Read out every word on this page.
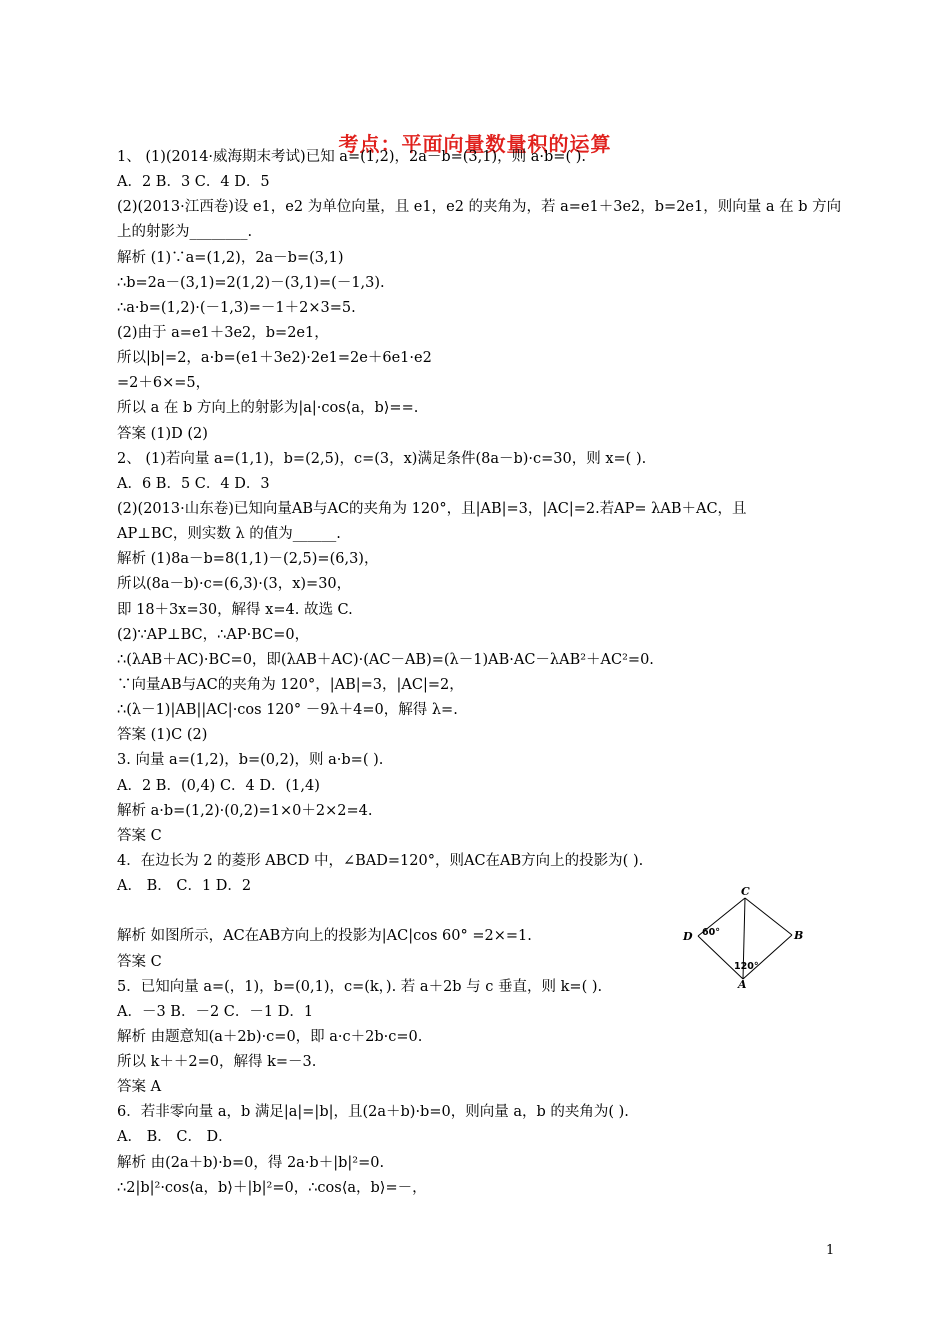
考点：平面向量数量积的运算
1、 (1)(2014·威海期末考试)已知 a=(1,2)，2a－b=(3,1)，则 a·b=( ).
A．2 B．3 C．4 D．5
(2)(2013·江西卷)设 e1，e2 为单位向量，且 e1，e2 的夹角为，若 a=e1＋3e2，b=2e1，则向量 a 在 b 方向
上的射影为________.
解析 (1)∵a=(1,2)，2a－b=(3,1)
∴b=2a－(3,1)=2(1,2)－(3,1)=(－1,3).
∴a·b=(1,2)·(－1,3)=－1＋2×3=5.
(2)由于 a=e1＋3e2，b=2e1，
所以|b|=2，a·b=(e1＋3e2)·2e1=2e＋6e1·e2
=2＋6×=5，
所以 a 在 b 方向上的射影为|a|·cos⟨a，b⟩==.
答案 (1)D (2)
2、 (1)若向量 a=(1,1)，b=(2,5)，c=(3，x)满足条件(8a－b)·c=30，则 x=( ).
A．6 B．5 C．4 D．3
(2)(2013·山东卷)已知向量AB与AC的夹角为 120°，且|AB|=3，|AC|=2.若AP= λAB＋AC，且
AP⊥BC，则实数 λ 的值为______.
解析 (1)8a－b=8(1,1)－(2,5)=(6,3)，
所以(8a－b)·c=(6,3)·(3，x)=30，
即 18＋3x=30，解得 x=4. 故选 C.
(2)∵AP⊥BC，∴AP·BC=0，
∴(λAB＋AC)·BC=0，即(λAB＋AC)·(AC－AB)=(λ－1)AB·AC－λAB²＋AC²=0.
∵向量AB与AC的夹角为 120°，|AB|=3，|AC|=2，
∴(λ－1)|AB||AC|·cos 120° －9λ＋4=0，解得 λ=.
答案 (1)C (2)
3. 向量 a=(1,2)，b=(0,2)，则 a·b=( ).
A．2 B．(0,4) C．4 D．(1,4)
解析 a·b=(1,2)·(0,2)=1×0＋2×2=4.
答案 C
4．在边长为 2 的菱形 ABCD 中，∠BAD=120°，则AC在AB方向上的投影为( ).
A． B． C．1 D．2
解析 如图所示，AC在AB方向上的投影为|AC|cos 60° =2×=1.
答案 C
5．已知向量 a=(，1)，b=(0,1)，c=(k，). 若 a＋2b 与 c 垂直，则 k=( ).
A．－3 B．－2 C．－1 D．1
解析 由题意知(a＋2b)·c=0，即 a·c＋2b·c=0.
所以 k＋＋2=0，解得 k=－3.
答案 A
6．若非零向量 a，b 满足|a|=|b|，且(2a＋b)·b=0，则向量 a，b 的夹角为( ).
A． B． C． D．
解析 由(2a＋b)·b=0，得 2a·b＋|b|²=0.
∴2|b|²·cos⟨a，b⟩＋|b|²=0，∴cos⟨a，b⟩=－，
C
D	B
A
60°
120°
1
